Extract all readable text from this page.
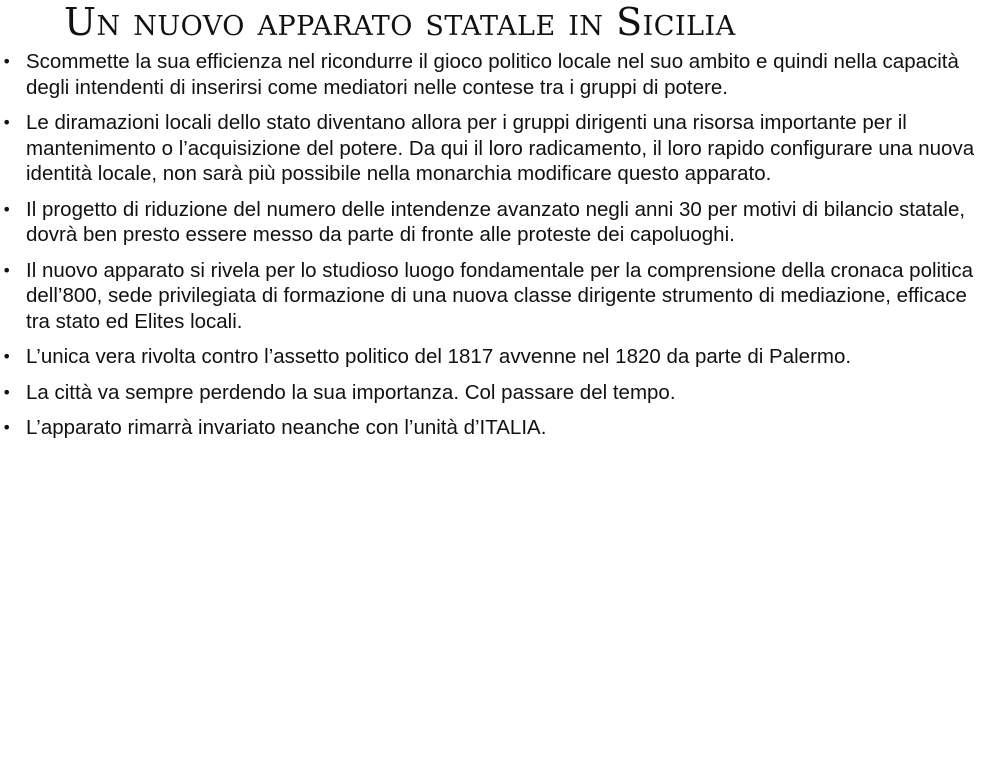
Un nuovo apparato statale in Sicilia
• Scommette la sua efficienza nel ricondurre il gioco politico locale nel suo ambito e quindi nella capacità degli intendenti di inserirsi come mediatori nelle contese tra i gruppi di potere.
• Le diramazioni locali dello stato diventano allora per i gruppi dirigenti una risorsa importante per il mantenimento o l’acquisizione del potere. Da qui il loro radicamento, il loro rapido configurare una nuova identità locale, non sarà più possibile nella monarchia modificare questo apparato.
• Il progetto di riduzione del numero delle intendenze avanzato negli anni 30 per motivi di bilancio statale, dovrà ben presto essere messo da parte di fronte alle proteste dei capoluoghi.
• Il nuovo apparato si rivela per lo studioso luogo fondamentale per la comprensione della cronaca politica dell’800, sede privilegiata di formazione di una nuova classe dirigente strumento di mediazione, efficace tra stato ed Elites locali.
• L’unica vera rivolta contro l’assetto politico del 1817 avvenne nel 1820 da parte di Palermo.
• La città va sempre perdendo la sua importanza. Col passare del tempo.
• L’apparato rimarrà invariato neanche con l’unità d’ITALIA.
